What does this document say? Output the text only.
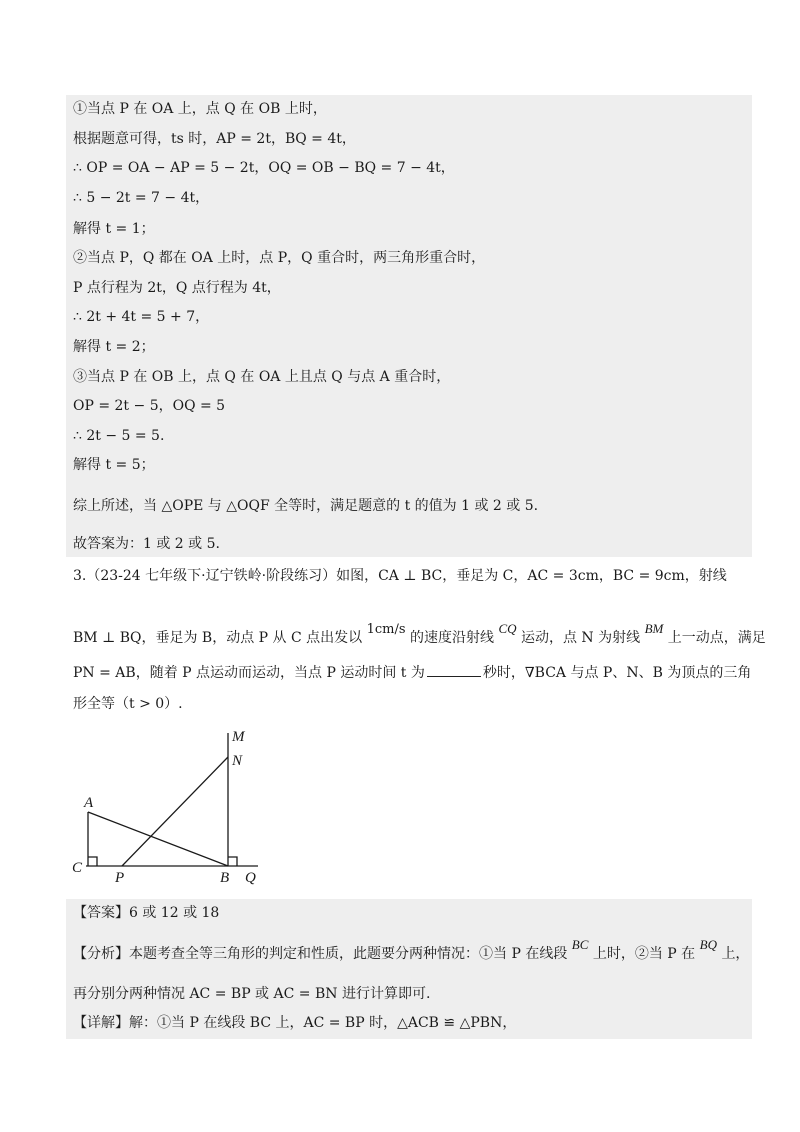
①当点 P 在 OA 上，点 Q 在 OB 上时，
根据题意可得，ts 时，AP = 2t，BQ = 4t，
∴ OP = OA − AP = 5 − 2t，OQ = OB − BQ = 7 − 4t，
∴ 5 − 2t = 7 − 4t，
解得 t = 1；
②当点 P，Q 都在 OA 上时，点 P，Q 重合时，两三角形重合时，
P 点行程为 2t，Q 点行程为 4t，
∴ 2t + 4t = 5 + 7，
解得 t = 2；
③当点 P 在 OB 上，点 Q 在 OA 上且点 Q 与点 A 重合时，
OP = 2t − 5，OQ = 5
∴ 2t − 5 = 5.
解得 t = 5；
综上所述，当 △OPE 与 △OQF 全等时，满足题意的 t 的值为 1 或 2 或 5.
故答案为：1 或 2 或 5.
3.（23-24 七年级下·辽宁铁岭·阶段练习）如图，CA ⊥ BC，垂足为 C，AC = 3cm，BC = 9cm，射线
BM ⊥ BQ，垂足为 B，动点 P 从 C 点出发以 1cm/s 的速度沿射线 CQ 运动，点 N 为射线 BM 上一动点，满足
PN = AB，随着 P 点运动而运动，当点 P 运动时间 t 为	秒时，∇BCA 与点 P、N、B 为顶点的三角
形全等（t > 0）.
M
N
A
C
P	B Q
【答案】6 或 12 或 18
【分析】本题考查全等三角形的判定和性质，此题要分两种情况：①当 P 在线段 BC 上时，②当 P 在 BQ 上，
再分别分两种情况 AC = BP 或 AC = BN 进行计算即可.
【详解】解：①当 P 在线段 BC 上，AC = BP 时，△ACB ≌ △PBN，
